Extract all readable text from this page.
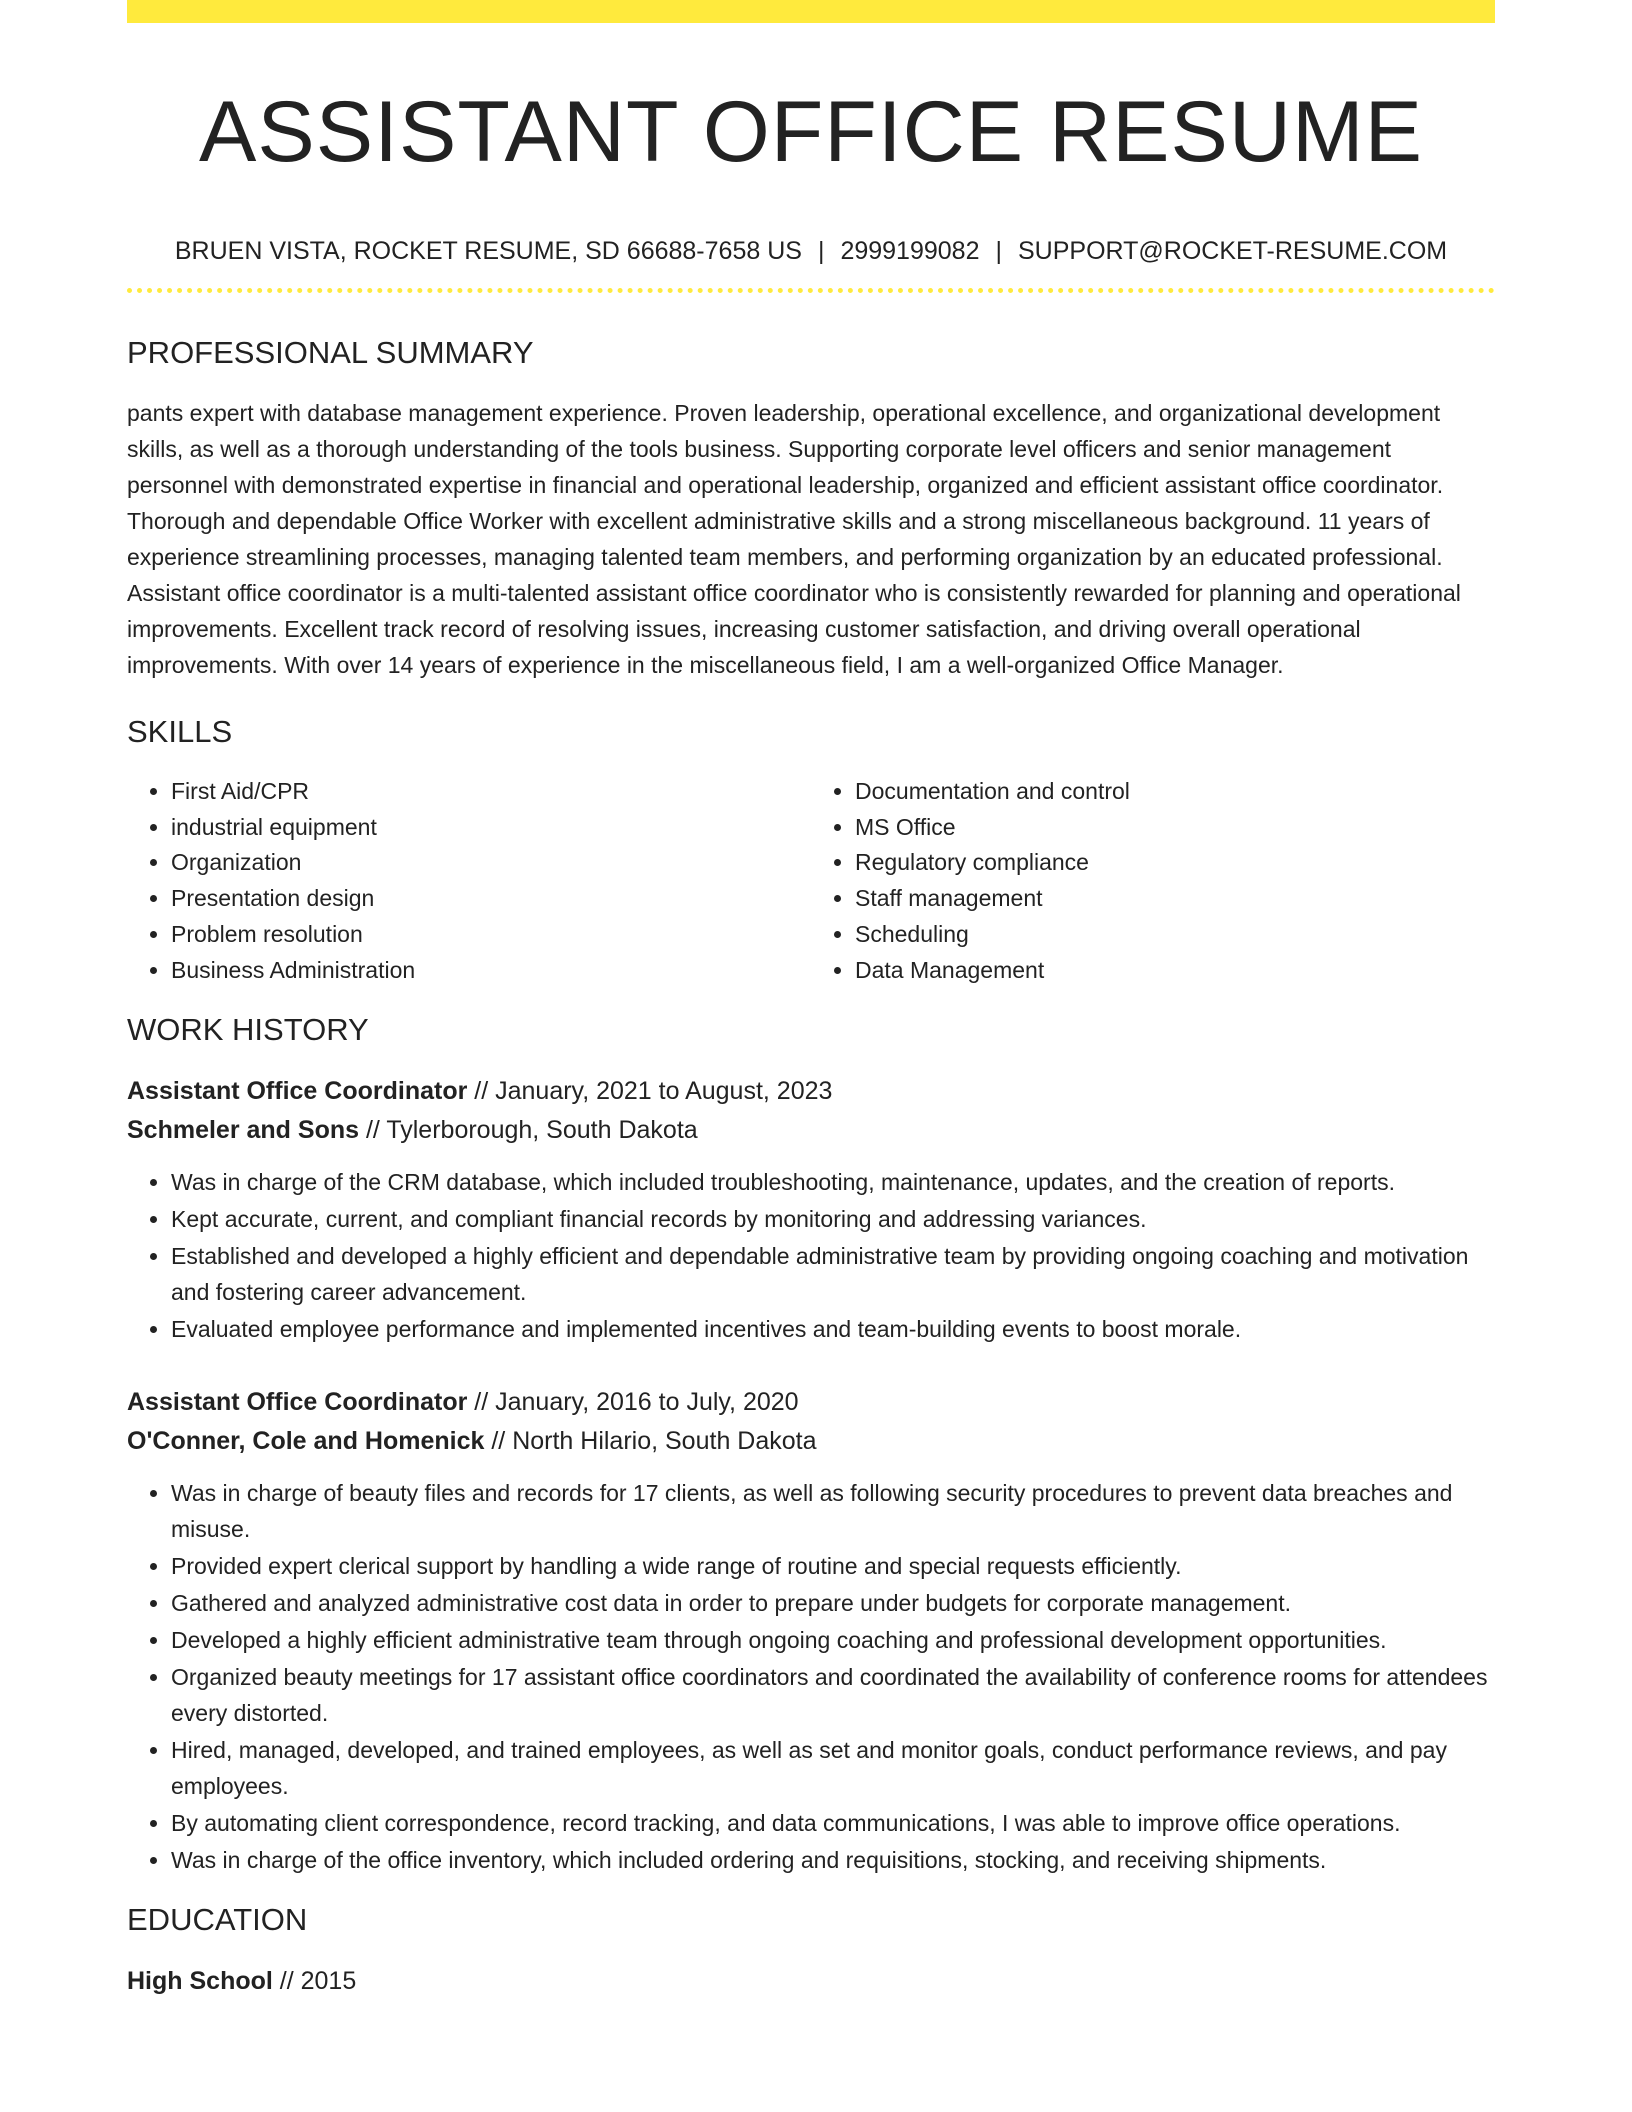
ASSISTANT OFFICE RESUME
BRUEN VISTA, ROCKET RESUME, SD 66688-7658 US | 2999199082 | SUPPORT@ROCKET-RESUME.COM
PROFESSIONAL SUMMARY
pants expert with database management experience. Proven leadership, operational excellence, and organizational development skills, as well as a thorough understanding of the tools business. Supporting corporate level officers and senior management personnel with demonstrated expertise in financial and operational leadership, organized and efficient assistant office coordinator. Thorough and dependable Office Worker with excellent administrative skills and a strong miscellaneous background. 11 years of experience streamlining processes, managing talented team members, and performing organization by an educated professional. Assistant office coordinator is a multi-talented assistant office coordinator who is consistently rewarded for planning and operational improvements. Excellent track record of resolving issues, increasing customer satisfaction, and driving overall operational improvements. With over 14 years of experience in the miscellaneous field, I am a well-organized Office Manager.
SKILLS
• First Aid/CPR
• industrial equipment
• Organization
• Presentation design
• Problem resolution
• Business Administration
• Documentation and control
• MS Office
• Regulatory compliance
• Staff management
• Scheduling
• Data Management
WORK HISTORY
Assistant Office Coordinator // January, 2021 to August, 2023
Schmeler and Sons // Tylerborough, South Dakota
• Was in charge of the CRM database, which included troubleshooting, maintenance, updates, and the creation of reports.
• Kept accurate, current, and compliant financial records by monitoring and addressing variances.
• Established and developed a highly efficient and dependable administrative team by providing ongoing coaching and motivation and fostering career advancement.
• Evaluated employee performance and implemented incentives and team-building events to boost morale.
Assistant Office Coordinator // January, 2016 to July, 2020
O'Conner, Cole and Homenick // North Hilario, South Dakota
• Was in charge of beauty files and records for 17 clients, as well as following security procedures to prevent data breaches and misuse.
• Provided expert clerical support by handling a wide range of routine and special requests efficiently.
• Gathered and analyzed administrative cost data in order to prepare under budgets for corporate management.
• Developed a highly efficient administrative team through ongoing coaching and professional development opportunities.
• Organized beauty meetings for 17 assistant office coordinators and coordinated the availability of conference rooms for attendees every distorted.
• Hired, managed, developed, and trained employees, as well as set and monitor goals, conduct performance reviews, and pay employees.
• By automating client correspondence, record tracking, and data communications, I was able to improve office operations.
• Was in charge of the office inventory, which included ordering and requisitions, stocking, and receiving shipments.
EDUCATION
High School // 2015
